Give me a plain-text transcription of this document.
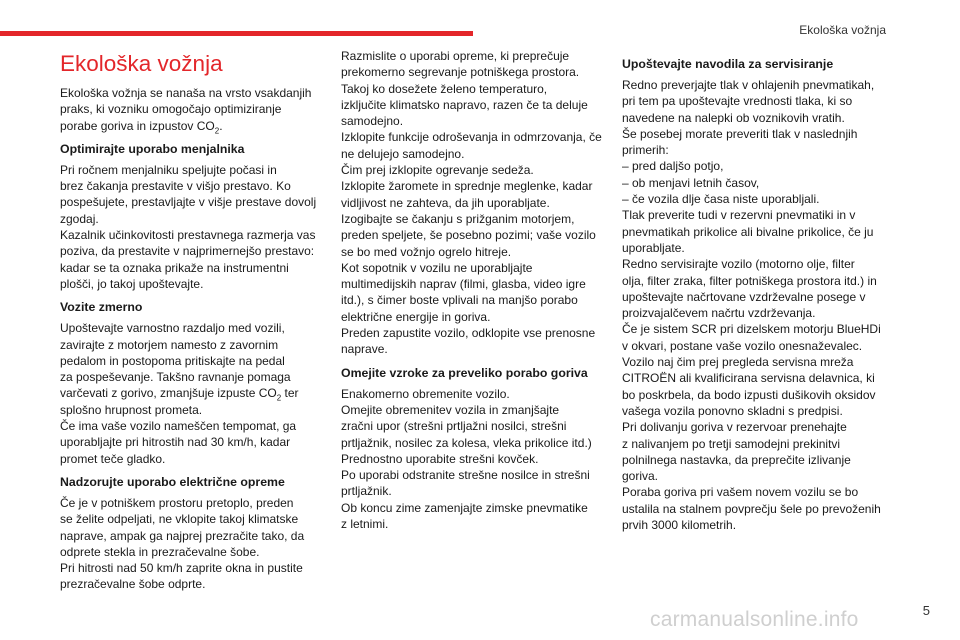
Ekološka vožnja
Ekološka vožnja

Ekološka vožnja se nanaša na vrsto vsakdanjih
praks, ki vozniku omogočajo optimiziranje
porabe goriva in izpustov $CO_2$.

Optimirajte uporabo menjalnika

Pri ročnem menjalniku speljujte počasi in
brez čakanja prestavite v višjo prestavo. Ko
pospešujete, prestavljajte v višje prestave dovolj
zgodaj.
Kazalnik učinkovitosti prestavnega razmerja vas
poziva, da prestavite v najprimernejšo prestavo:
kadar se ta oznaka prikaže na instrumentni
plošči, jo takoj upoštevajte.

Vozite zmerno

Upoštevajte varnostno razdaljo med vozili,
zavirajte z motorjem namesto z zavornim
pedalom in postopoma pritiskajte na pedal
za pospeševanje. Takšno ravnanje pomaga
varčevati z gorivo, zmanjšuje izpuste $CO_2$ ter
splošno hrupnost prometa.
Če ima vaše vozilo nameščen tempomat, ga
uporabljajte pri hitrostih nad 30 km/h, kadar
promet teče gladko.

Nadzorujte uporabo električne opreme

Če je v potniškem prostoru pretoplo, preden
se želite odpeljati, ne vklopite takoj klimatske
naprave, ampak ga najprej prezračite tako, da
odprete stekla in prezračevalne šobe.
Pri hitrosti nad 50 km/h zaprite okna in pustite
prezračevalne šobe odprte.

Razmislite o uporabi opreme, ki preprečuje
prekomerno segrevanje potniškega prostora.
Takoj ko dosežete želeno temperaturo,
izključite klimatsko napravo, razen če ta deluje
samodejno.
Izklopite funkcije odroševanja in odmrzovanja, če
ne delujejo samodejno.
Čim prej izklopite ogrevanje sedeža.
Izklopite žaromete in sprednje meglenke, kadar
vidljivost ne zahteva, da jih uporabljate.
Izogibajte se čakanju s prižganim motorjem,
preden speljete, še posebno pozimi; vaše vozilo
se bo med vožnjo ogrelo hitreje.
Kot sopotnik v vozilu ne uporabljajte
multimedijskih naprav (filmi, glasba, video igre
itd.), s čimer boste vplivali na manjšo porabo
električne energije in goriva.
Preden zapustite vozilo, odklopite vse prenosne
naprave.

Omejite vzroke za preveliko porabo goriva

Enakomerno obremenite vozilo.
Omejite obremenitev vozila in zmanjšajte
zračni upor (strešni prtljažni nosilci, strešni
prtljažnik, nosilec za kolesa, vleka prikolice itd.)
Prednostno uporabite strešni kovček.
Po uporabi odstranite strešne nosilce in strešni
prtljažnik.
Ob koncu zime zamenjajte zimske pnevmatike
z letnimi.

Upoštevajte navodila za servisiranje

Redno preverjajte tlak v ohlajenih pnevmatikah,
pri tem pa upoštevajte vrednosti tlaka, ki so
navedene na nalepki ob voznikovih vratih.
Še posebej morate preveriti tlak v naslednjih
primerih:
– pred daljšo potjo,
– ob menjavi letnih časov,
– če vozila dlje časa niste uporabljali.
Tlak preverite tudi v rezervni pnevmatiki in v
pnevmatikah prikolice ali bivalne prikolice, če ju
uporabljate.
Redno servisirajte vozilo (motorno olje, filter
olja, filter zraka, filter potniškega prostora itd.) in
upoštevajte načrtovane vzdrževalne posege v
proizvajalčevem načrtu vzdrževanja.
Če je sistem SCR pri dizelskem motorju BlueHDi
v okvari, postane vaše vozilo onesnaževalec.
Vozilo naj čim prej pregleda servisna mreža
CITROËN ali kvalificirana servisna delavnica, ki
bo poskrbela, da bodo izpusti dušikovih oksidov
vašega vozila ponovno skladni s predpisi.
Pri dolivanju goriva v rezervoar prenehajte
z nalivanjem po tretji samodejni prekinitvi
polnilnega nastavka, da preprečite izlivanje
goriva.
Poraba goriva pri vašem novem vozilu se bo
ustalila na stalnem povprečju šele po prevoženih
prvih 3000 kilometrih.

5
carmanualsonline.info
